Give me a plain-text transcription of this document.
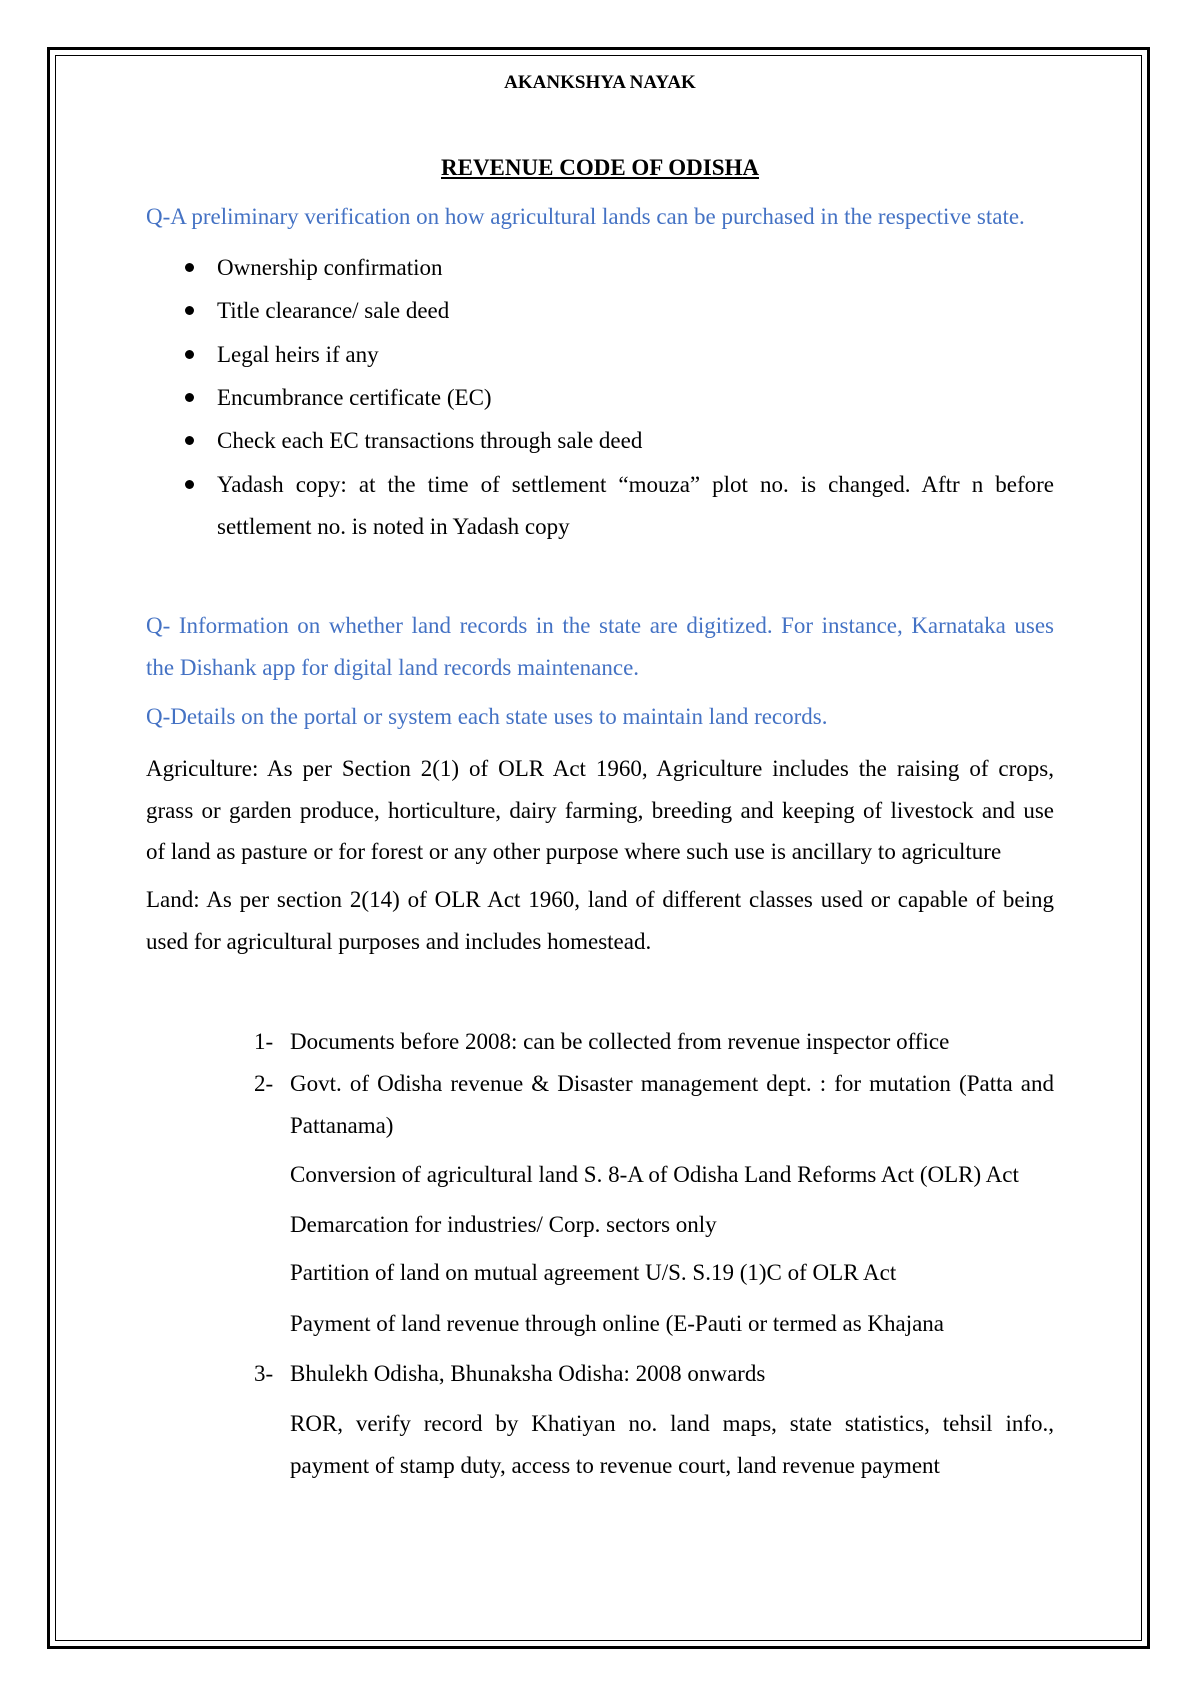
AKANKSHYA NAYAK
REVENUE CODE OF ODISHA
Q-A preliminary verification on how agricultural lands can be purchased in the respective state.
Ownership confirmation
Title clearance/ sale deed
Legal heirs if any
Encumbrance certificate (EC)
Check each EC transactions through sale deed
Yadash copy: at the time of settlement “mouza” plot no. is changed. Aftr n before
settlement no. is noted in Yadash copy
Q- Information on whether land records in the state are digitized. For instance, Karnataka uses
the Dishank app for digital land records maintenance.
Q-Details on the portal or system each state uses to maintain land records.
Agriculture: As per Section 2(1) of OLR Act 1960, Agriculture includes the raising of crops,
grass or garden produce, horticulture, dairy farming, breeding and keeping of livestock and use
of land as pasture or for forest or any other purpose where such use is ancillary to agriculture
Land: As per section 2(14) of OLR Act 1960, land of different classes used or capable of being
used for agricultural purposes and includes homestead.
1- Documents before 2008: can be collected from revenue inspector office
2- Govt. of Odisha revenue & Disaster management dept. : for mutation (Patta and
Pattanama)
Conversion of agricultural land S. 8-A of Odisha Land Reforms Act (OLR) Act
Demarcation for industries/ Corp. sectors only
Partition of land on mutual agreement U/S. S.19 (1)C of OLR Act
Payment of land revenue through online (E-Pauti or termed as Khajana
3- Bhulekh Odisha, Bhunaksha Odisha: 2008 onwards
ROR, verify record by Khatiyan no. land maps, state statistics, tehsil info.,
payment of stamp duty, access to revenue court, land revenue payment
